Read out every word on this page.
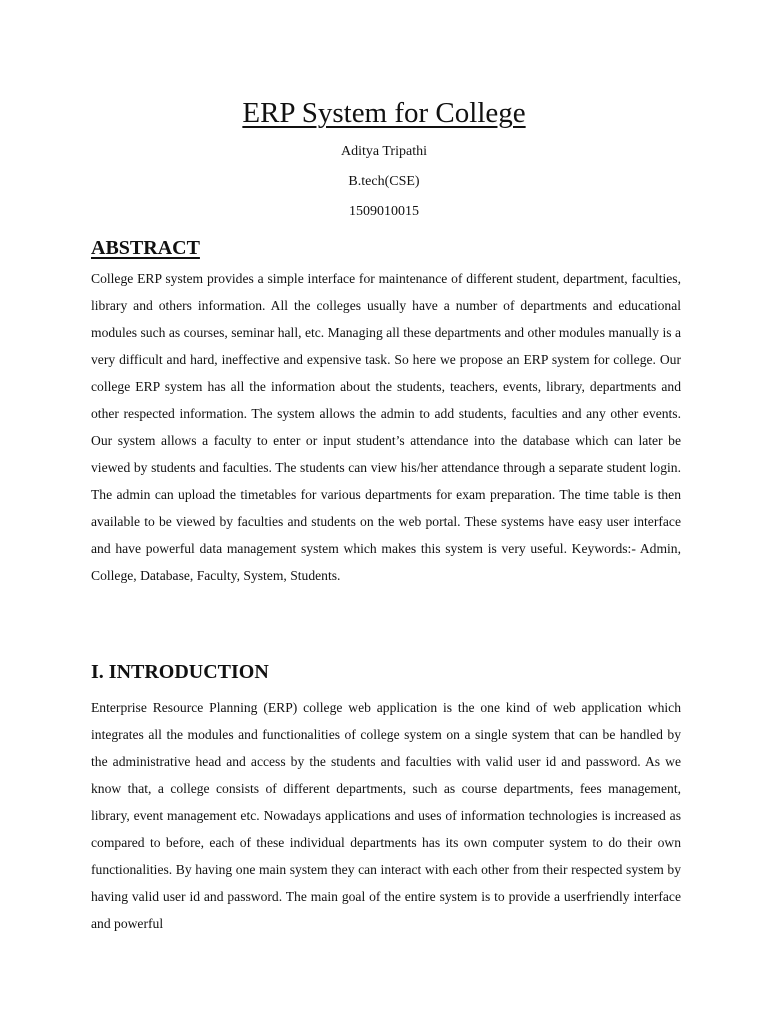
ERP System for College

Aditya Tripathi

B.tech(CSE)

1509010015

ABSTRACT

College ERP system provides a simple interface for maintenance of different student, department, faculties, library and others information. All the colleges usually have a number of departments and educational modules such as courses, seminar hall, etc. Managing all these departments and other modules manually is a very difficult and hard, ineffective and expensive task. So here we propose an ERP system for college. Our college ERP system has all the information about the students, teachers, events, library, departments and other respected information. The system allows the admin to add students, faculties and any other events. Our system allows a faculty to enter or input student’s attendance into the database which can later be viewed by students and faculties. The students can view his/her attendance through a separate student login. The admin can upload the timetables for various departments for exam preparation. The time table is then available to be viewed by faculties and students on the web portal. These systems have easy user interface and have powerful data management system which makes this system is very useful. Keywords:- Admin, College, Database, Faculty, System, Students.

I. INTRODUCTION

Enterprise Resource Planning (ERP) college web application is the one kind of web application which integrates all the modules and functionalities of college system on a single system that can be handled by the administrative head and access by the students and faculties with valid user id and password. As we know that, a college consists of different departments, such as course departments, fees management, library, event management etc. Nowadays applications and uses of information technologies is increased as compared to before, each of these individual departments has its own computer system to do their own functionalities. By having one main system they can interact with each other from their respected system by having valid user id and password. The main goal of the entire system is to provide a userfriendly interface and powerful
